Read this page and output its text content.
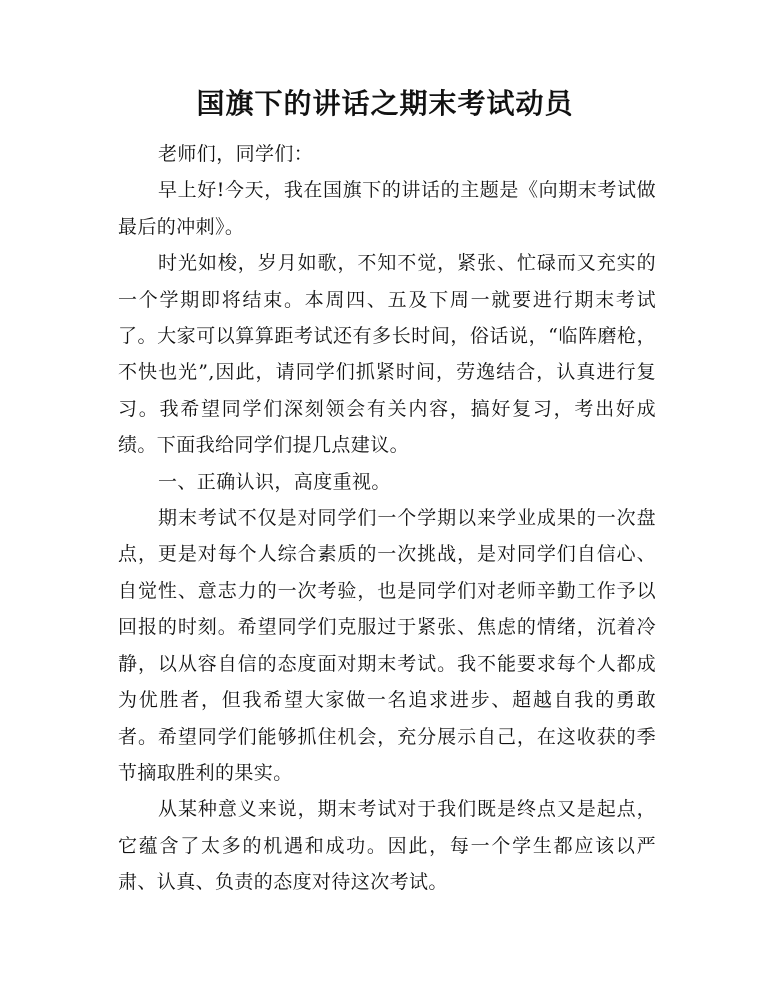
国旗下的讲话之期末考试动员

老师们，同学们：

早上好!今天，我在国旗下的讲话的主题是《向期末考试做最后的冲刺》。

时光如梭，岁月如歌，不知不觉，紧张、忙碌而又充实的一个学期即将结束。本周四、五及下周一就要进行期末考试了。大家可以算算距考试还有多长时间，俗话说，“临阵磨枪，不快也光”,因此，请同学们抓紧时间，劳逸结合，认真进行复习。我希望同学们深刻领会有关内容，搞好复习，考出好成绩。下面我给同学们提几点建议。

一、正确认识，高度重视。

期末考试不仅是对同学们一个学期以来学业成果的一次盘点，更是对每个人综合素质的一次挑战，是对同学们自信心、自觉性、意志力的一次考验，也是同学们对老师辛勤工作予以回报的时刻。希望同学们克服过于紧张、焦虑的情绪，沉着冷静，以从容自信的态度面对期末考试。我不能要求每个人都成为优胜者，但我希望大家做一名追求进步、超越自我的勇敢者。希望同学们能够抓住机会，充分展示自己，在这收获的季节摘取胜利的果实。

从某种意义来说，期末考试对于我们既是终点又是起点，它蕴含了太多的机遇和成功。因此，每一个学生都应该以严肃、认真、负责的态度对待这次考试。
